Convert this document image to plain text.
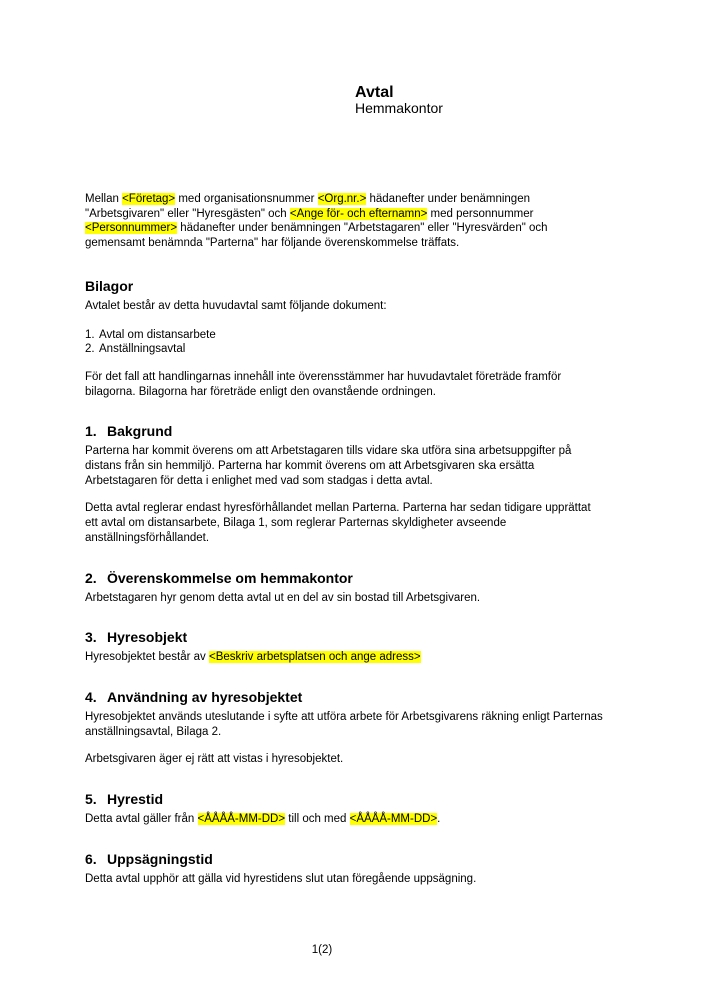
Avtal
Hemmakontor

Mellan <Företag> med organisationsnummer <Org.nr.> hädanefter under benämningen
"Arbetsgivaren" eller "Hyresgästen" och <Ange för- och efternamn> med personnummer
<Personnummer> hädanefter under benämningen "Arbetstagaren" eller "Hyresvärden" och
gemensamt benämnda "Parterna" har följande överenskommelse träffats.

Bilagor

Avtalet består av detta huvudavtal samt följande dokument:

1. Avtal om distansarbete
2. Anställningsavtal

För det fall att handlingarnas innehåll inte överensstämmer har huvudavtalet företräde framför
bilagorna. Bilagorna har företräde enligt den ovanstående ordningen.

1. Bakgrund

Parterna har kommit överens om att Arbetstagaren tills vidare ska utföra sina arbetsuppgifter på
distans från sin hemmiljö. Parterna har kommit överens om att Arbetsgivaren ska ersätta
Arbetstagaren för detta i enlighet med vad som stadgas i detta avtal.

Detta avtal reglerar endast hyresförhållandet mellan Parterna. Parterna har sedan tidigare upprättat
ett avtal om distansarbete, Bilaga 1, som reglerar Parternas skyldigheter avseende
anställningsförhållandet.

2. Överenskommelse om hemmakontor

Arbetstagaren hyr genom detta avtal ut en del av sin bostad till Arbetsgivaren.

3. Hyresobjekt

Hyresobjektet består av <Beskriv arbetsplatsen och ange adress>

4. Användning av hyresobjektet

Hyresobjektet används uteslutande i syfte att utföra arbete för Arbetsgivarens räkning enligt Parternas
anställningsavtal, Bilaga 2.

Arbetsgivaren äger ej rätt att vistas i hyresobjektet.

5. Hyrestid

Detta avtal gäller från <ÅÅÅÅ-MM-DD> till och med <ÅÅÅÅ-MM-DD>.

6. Uppsägningstid

Detta avtal upphör att gälla vid hyrestidens slut utan föregående uppsägning.

1(2)
